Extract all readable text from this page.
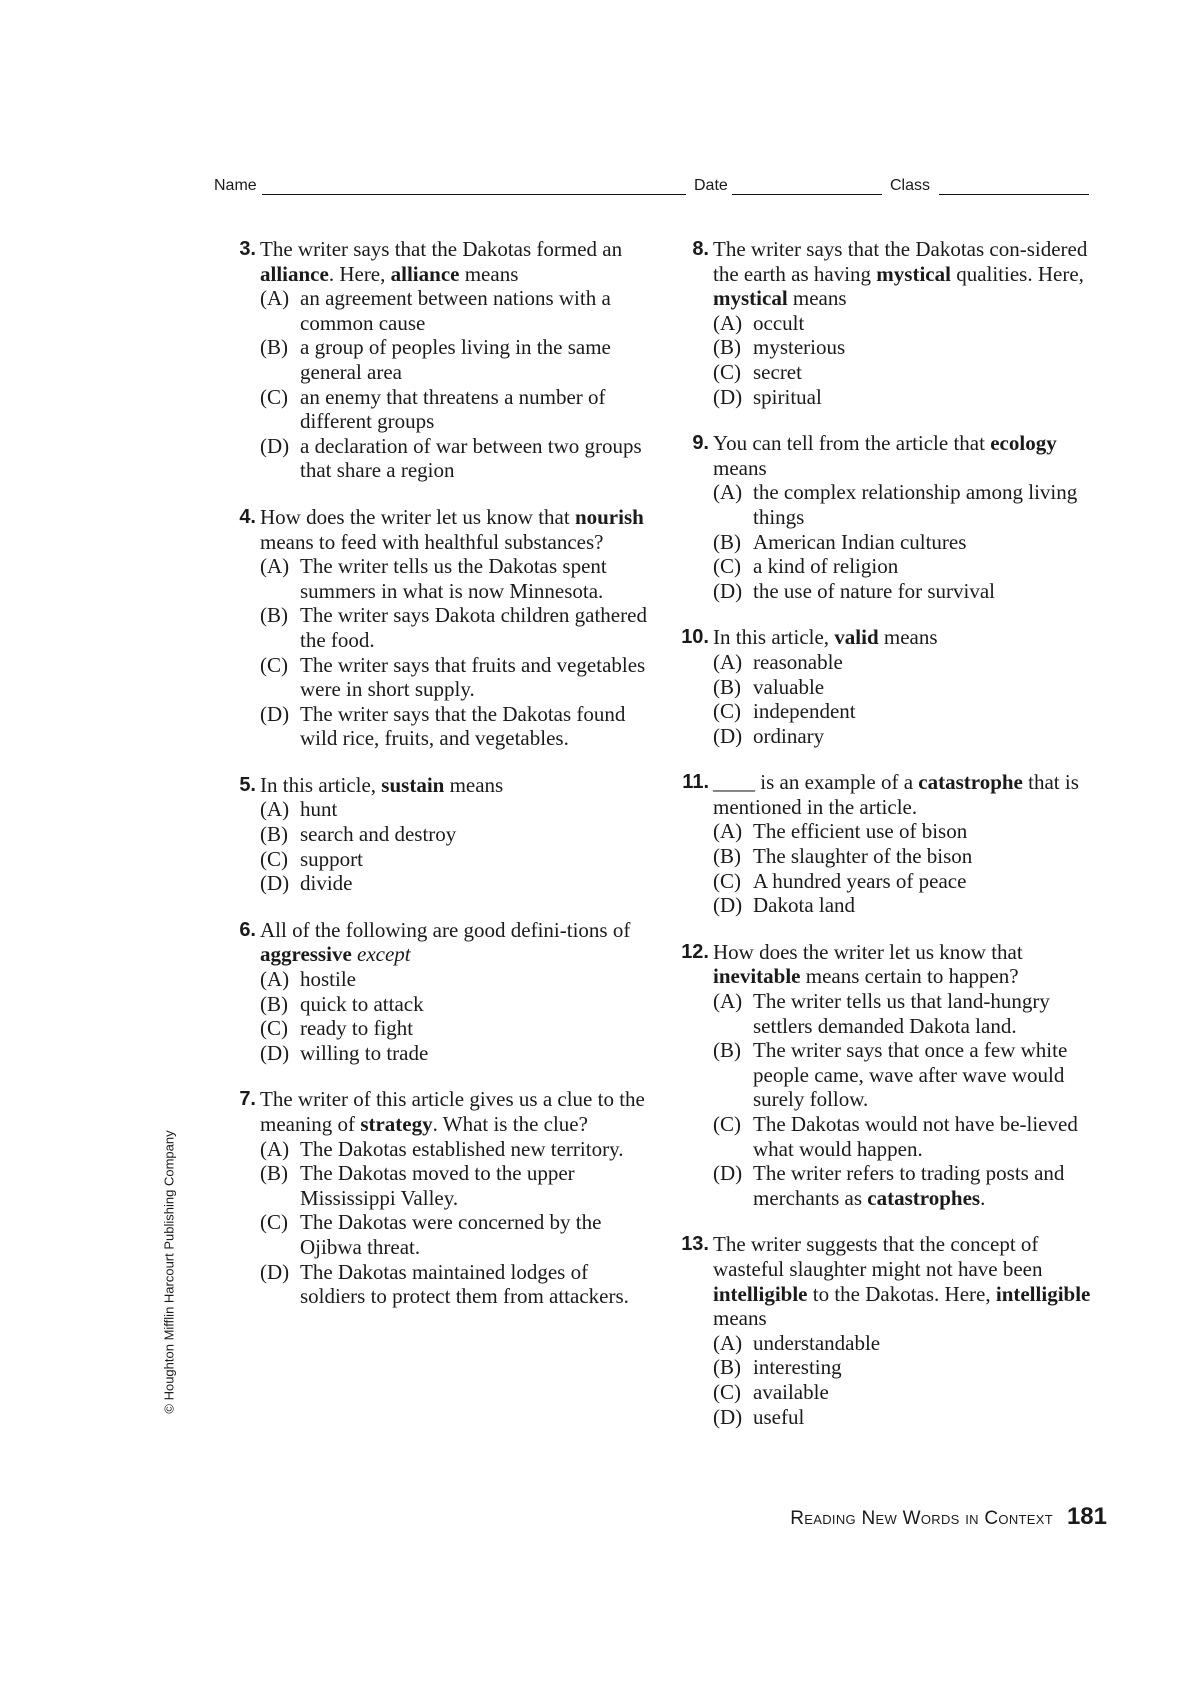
Name	Date	Class
© Houghton Mifflin Harcourt Publishing Company
3. The writer says that the Dakotas formed an alliance. Here, alliance means
(A) an agreement between nations with a common cause
(B) a group of peoples living in the same general area
(C) an enemy that threatens a number of different groups
(D) a declaration of war between two groups that share a region
4. How does the writer let us know that nourish means to feed with healthful substances?
(A) The writer tells us the Dakotas spent summers in what is now Minnesota.
(B) The writer says Dakota children gathered the food.
(C) The writer says that fruits and vegetables were in short supply.
(D) The writer says that the Dakotas found wild rice, fruits, and vegetables.
5. In this article, sustain means
(A) hunt
(B) search and destroy
(C) support
(D) divide
6. All of the following are good defini-tions of aggressive except
(A) hostile
(B) quick to attack
(C) ready to fight
(D) willing to trade
7. The writer of this article gives us a clue to the meaning of strategy. What is the clue?
(A) The Dakotas established new territory.
(B) The Dakotas moved to the upper Mississippi Valley.
(C) The Dakotas were concerned by the Ojibwa threat.
(D) The Dakotas maintained lodges of soldiers to protect them from attackers.
8. The writer says that the Dakotas con-sidered the earth as having mystical qualities. Here, mystical means
(A) occult
(B) mysterious
(C) secret
(D) spiritual
9. You can tell from the article that ecology means
(A) the complex relationship among living things
(B) American Indian cultures
(C) a kind of religion
(D) the use of nature for survival
10. In this article, valid means
(A) reasonable
(B) valuable
(C) independent
(D) ordinary
11. ____ is an example of a catastrophe that is mentioned in the article.
(A) The efficient use of bison
(B) The slaughter of the bison
(C) A hundred years of peace
(D) Dakota land
12. How does the writer let us know that inevitable means certain to happen?
(A) The writer tells us that land-hungry settlers demanded Dakota land.
(B) The writer says that once a few white people came, wave after wave would surely follow.
(C) The Dakotas would not have be-lieved what would happen.
(D) The writer refers to trading posts and merchants as catastrophes.
13. The writer suggests that the concept of wasteful slaughter might not have been intelligible to the Dakotas. Here, intelligible means
(A) understandable
(B) interesting
(C) available
(D) useful
Reading New Words in Context 181
